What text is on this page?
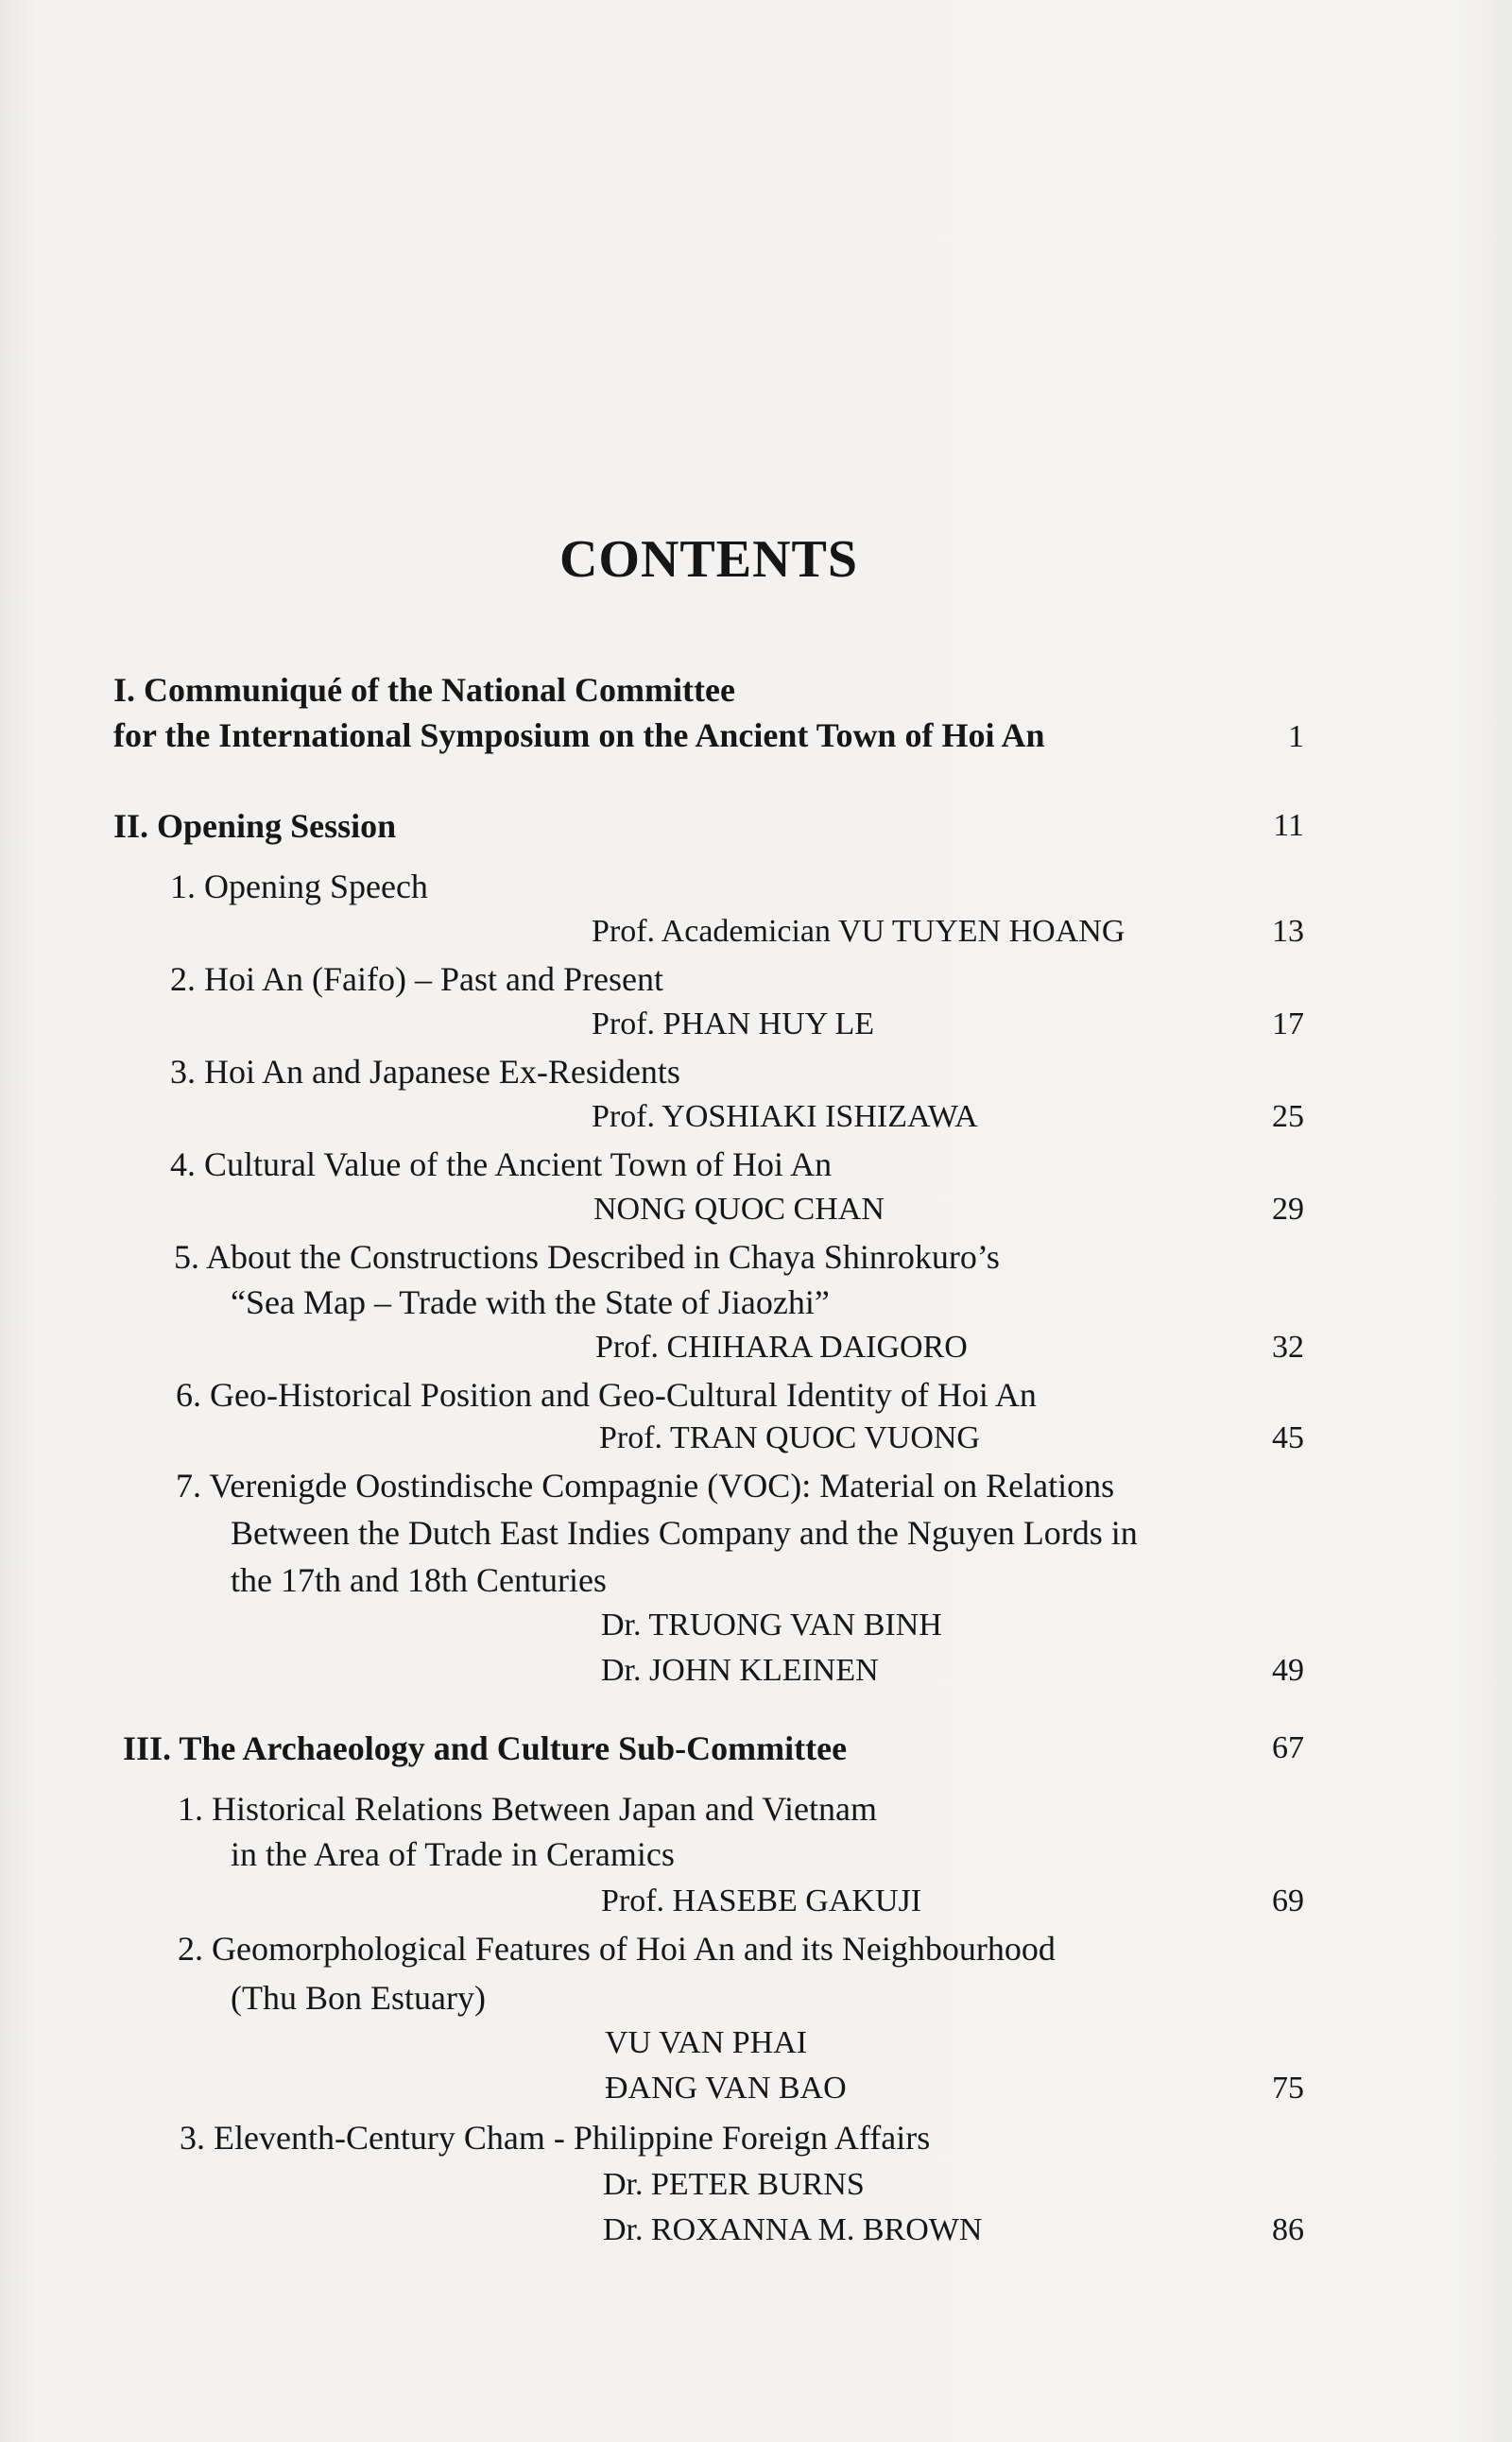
CONTENTS
I. Communiqué of the National Committee
for the International Symposium on the Ancient Town of Hoi An	1
II. Opening Session	11
1. Opening Speech
Prof. Academician VU TUYEN HOANG	13
2. Hoi An (Faifo) – Past and Present
Prof. PHAN HUY LE	17
3. Hoi An and Japanese Ex-Residents
Prof. YOSHIAKI ISHIZAWA	25
4. Cultural Value of the Ancient Town of Hoi An
NONG QUOC CHAN	29
5. About the Constructions Described in Chaya Shinrokuro’s
“Sea Map – Trade with the State of Jiaozhi”
Prof. CHIHARA DAIGORO	32
6. Geo-Historical Position and Geo-Cultural Identity of Hoi An
Prof. TRAN QUOC VUONG	45
7. Verenigde Oostindische Compagnie (VOC): Material on Relations
Between the Dutch East Indies Company and the Nguyen Lords in
the 17th and 18th Centuries
Dr. TRUONG VAN BINH
Dr. JOHN KLEINEN	49
III. The Archaeology and Culture Sub-Committee	67
1. Historical Relations Between Japan and Vietnam
in the Area of Trade in Ceramics
Prof. HASEBE GAKUJI	69
2. Geomorphological Features of Hoi An and its Neighbourhood
(Thu Bon Estuary)
VU VAN PHAI
ĐANG VAN BAO	75
3. Eleventh-Century Cham - Philippine Foreign Affairs
Dr. PETER BURNS
Dr. ROXANNA M. BROWN	86
